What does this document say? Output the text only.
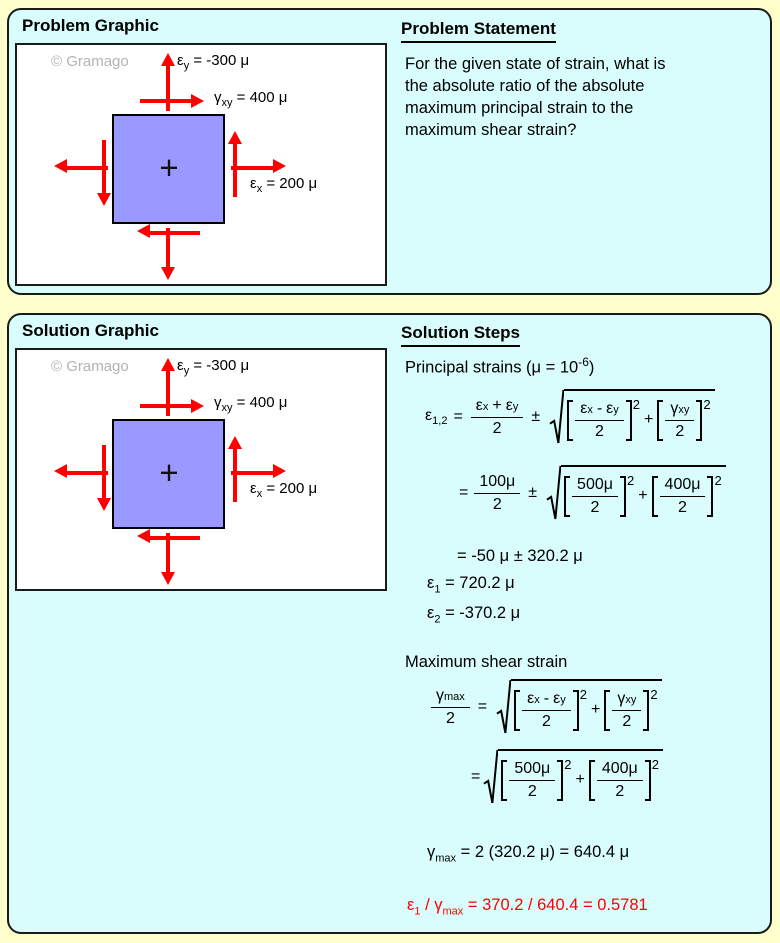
Problem Graphic
© Gramago
+
$\varepsilon_y = -300$ μ
$\gamma_{xy} = 400$ μ
$\varepsilon_x = 200$ μ
Problem Statement
For the given state of strain, what is
the absolute ratio of the absolute
maximum principal strain to the
maximum shear strain?
Solution Graphic
© Gramago
+
$\varepsilon_y = -300$ μ
$\gamma_{xy} = 400$ μ
$\varepsilon_x = 200$ μ
Solution Steps
Principal strains $(\mu = 10^{-6})$
$\varepsilon_{1,2} = \frac{\text{ε x + ε y}}{2} \pm \frac{\text{ε x - ε y}}{2} 2$
+ $\frac{\text{γ xy}}{2} 2$
= $\frac{100\mu}{2} \pm \frac{500\mu}{2} 2$
+ $\frac{400\mu}{2} 2$
= -50 μ ± 320.2 μ
$\varepsilon_1 = 720.2$ μ
$\varepsilon_2 = -370.2$ μ
Maximum shear strain
$\frac{\text{γ max}}{2} = \frac{\text{ε x - ε y}}{2} 2$
+ $\frac{\text{γ xy}}{2} 2$
= $\frac{500\mu}{2} 2$
+ $\frac{400\mu}{2} 2$
$\gamma_{max} = 2$ (320.2 μ) = 640.4 μ
$\varepsilon_1 / \gamma_{max} = 370.2 / 640.4 = 0.5781$
